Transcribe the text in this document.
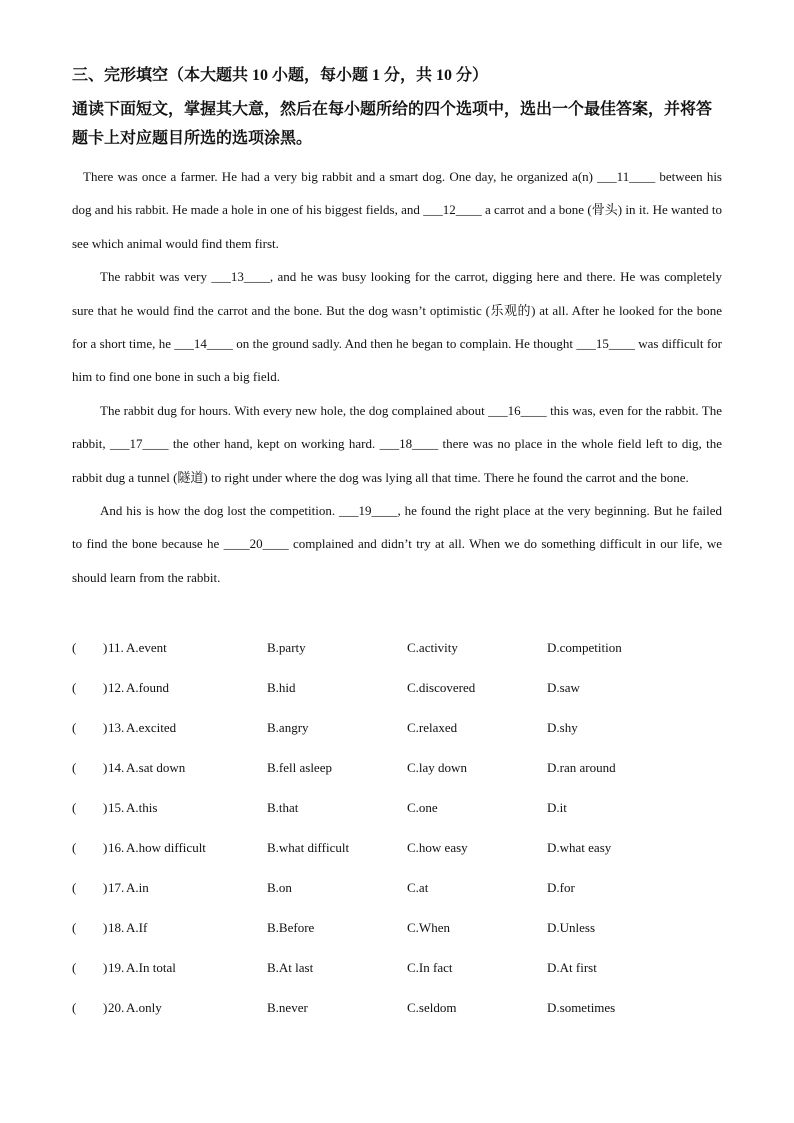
三、完形填空（本大题共 10 小题，每小题 1 分，共 10 分）
通读下面短文，掌握其大意，然后在每小题所给的四个选项中，选出一个最佳答案，并将答题卡上对应题目所选的选项涂黑。

There was once a farmer. He had a very big rabbit and a smart dog. One day, he organized a(n) ___11____ between his dog and his rabbit. He made a hole in one of his biggest fields, and ___12____ a carrot and a bone (骨头) in it. He wanted to see which animal would find them first.

The rabbit was very ___13____, and he was busy looking for the carrot, digging here and there. He was completely sure that he would find the carrot and the bone. But the dog wasn’t optimistic (乐观的) at all. After he looked for the bone for a short time, he ___14____ on the ground sadly. And then he began to complain. He thought ___15____ was difficult for him to find one bone in such a big field.

The rabbit dug for hours. With every new hole, the dog complained about ___16____ this was, even for the rabbit. The rabbit, ___17____ the other hand, kept on working hard. ___18____ there was no place in the whole field left to dig, the rabbit dug a tunnel (隧道) to right under where the dog was lying all that time. There he found the carrot and the bone.

And his is how the dog lost the competition. ___19____, he found the right place at the very beginning. But he failed to find the bone because he ____20____ complained and didn’t try at all. When we do something difficult in our life, we should learn from the rabbit.

( ) 11. A.event	B.party	C.activity	D.competition
( ) 12. A.found	B.hid	C.discovered	D.saw
( ) 13. A.excited	B.angry	C.relaxed	D.shy
( ) 14. A.sat down	B.fell asleep	C.lay down	D.ran around
( ) 15. A.this	B.that	C.one	D.it
( ) 16. A.how difficult	B.what difficult	C.how easy	D.what easy
( ) 17. A.in	B.on	C.at	D.for
( ) 18. A.If	B.Before	C.When	D.Unless
( ) 19. A.In total	B.At last	C.In fact	D.At first
( ) 20. A.only	B.never	C.seldom	D.sometimes
